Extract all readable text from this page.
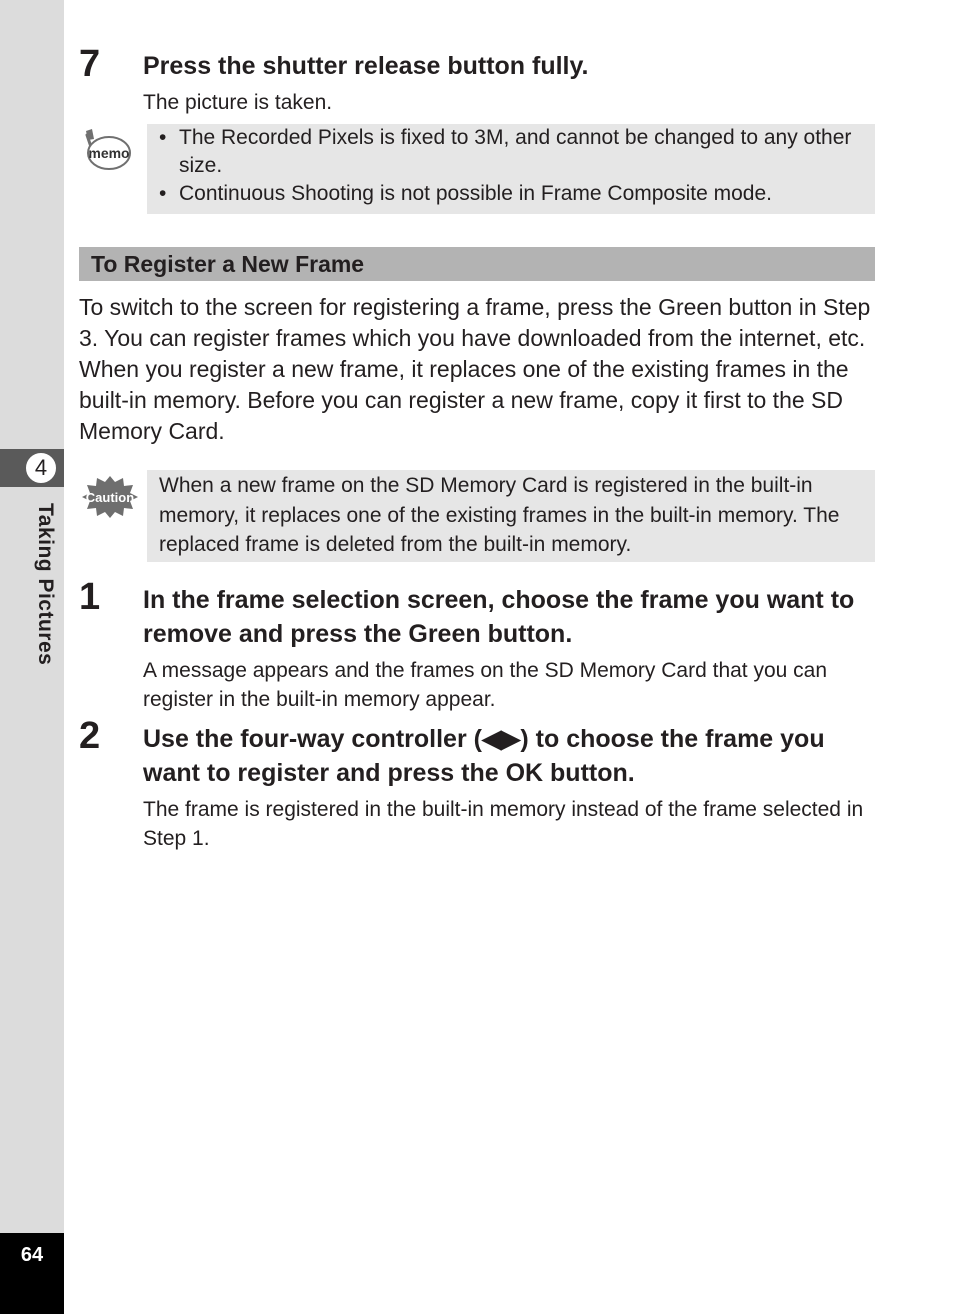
4
Taking Pictures
64
7 Press the shutter release button fully.
The picture is taken.
memo
• The Recorded Pixels is fixed to 3M, and cannot be changed to any other size.
• Continuous Shooting is not possible in Frame Composite mode.
To Register a New Frame
To switch to the screen for registering a frame, press the Green button in Step 3. You can register frames which you have downloaded from the internet, etc. When you register a new frame, it replaces one of the existing frames in the built-in memory. Before you can register a new frame, copy it first to the SD Memory Card.
Caution
When a new frame on the SD Memory Card is registered in the built-in memory, it replaces one of the existing frames in the built-in memory. The replaced frame is deleted from the built-in memory.
1 In the frame selection screen, choose the frame you want to remove and press the Green button.
A message appears and the frames on the SD Memory Card that you can register in the built-in memory appear.
2 Use the four-way controller (◀▶) to choose the frame you want to register and press the OK button.
The frame is registered in the built-in memory instead of the frame selected in Step 1.
